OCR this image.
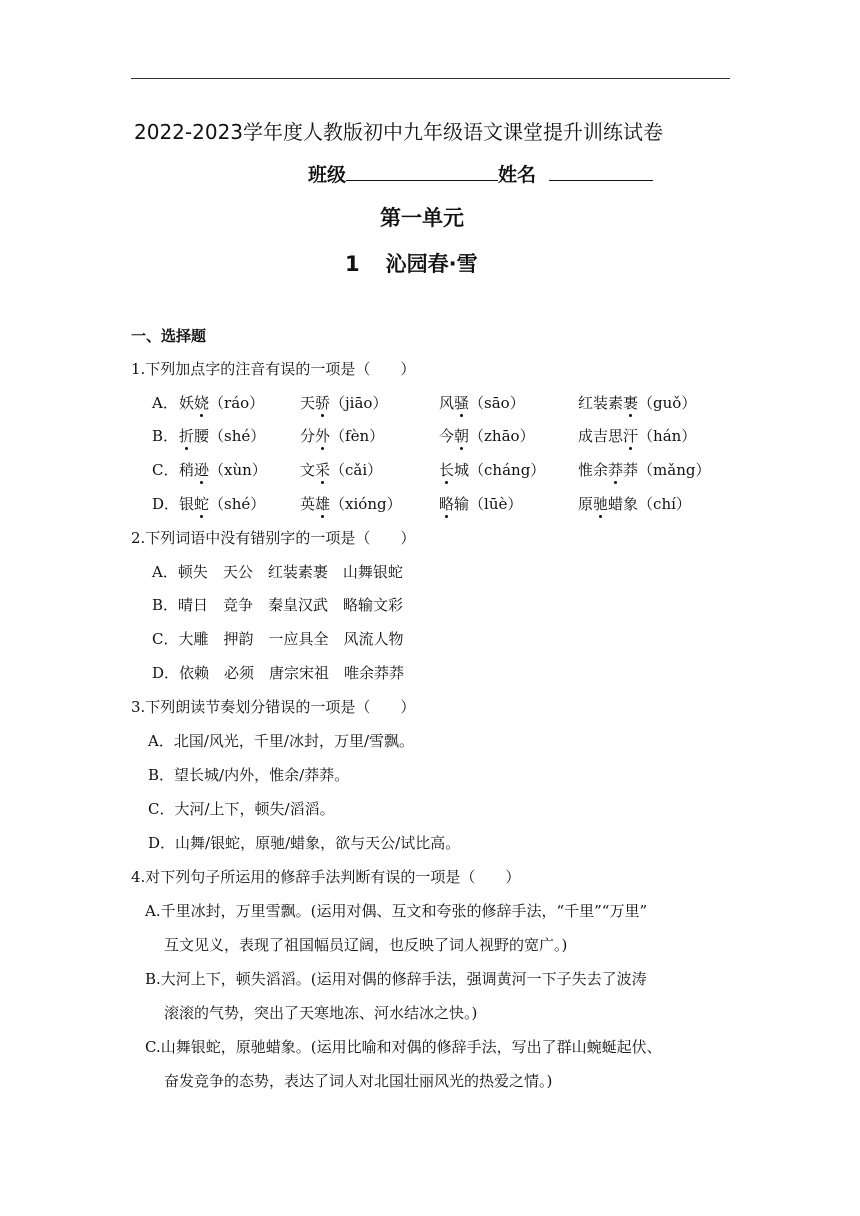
2022-2023学年度人教版初中九年级语文课堂提升训练试卷
班级	姓名
第一单元
1 沁园春·雪
一、选择题
1.下列加点字的注音有误的一项是（　　）
A． 妖娆（ráo） 天骄（jiāo）	风骚（sāo）	红装素裹（guǒ）
B． 折腰（shé） 分外（fèn）	今朝（zhāo）	成吉思汗（hán）
C． 稍逊（xùn） 文采（cǎi）	长城（cháng） 惟余莽莽（mǎng）
D． 银蛇（shé） 英雄（xióng） 略输（lūè）	原驰蜡象（chí）
2.下列词语中没有错别字的一项是（　　）
A．顿失　天公　红装素裹　山舞银蛇
B．晴日　竞争　秦皇汉武　略输文彩
C．大雕　押韵　一应具全　风流人物
D．依赖　必须　唐宗宋祖　唯余莽莽
3.下列朗读节奏划分错误的一项是（　　）
A．北国/风光，千里/冰封，万里/雪飘。
B．望长城/内外，惟余/莽莽。
C．大河/上下，顿失/滔滔。
D．山舞/银蛇，原驰/蜡象，欲与天公/试比高。
4.对下列句子所运用的修辞手法判断有误的一项是（　　）
A.千里冰封，万里雪飘。(运用对偶、互文和夸张的修辞手法，“千里”“万里”
互文见义，表现了祖国幅员辽阔，也反映了词人视野的宽广。)
B.大河上下，顿失滔滔。(运用对偶的修辞手法，强调黄河一下子失去了波涛
滚滚的气势，突出了天寒地冻、河水结冰之快。)
C.山舞银蛇，原驰蜡象。(运用比喻和对偶的修辞手法，写出了群山蜿蜒起伏、
奋发竞争的态势，表达了词人对北国壮丽风光的热爱之情。)
